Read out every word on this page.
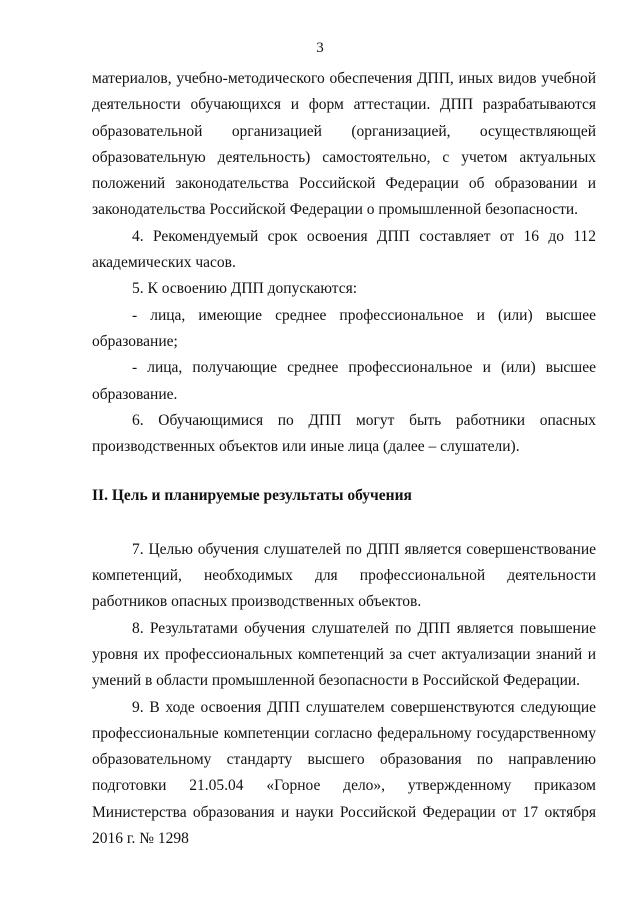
3

материалов, учебно-методического обеспечения ДПП, иных видов учебной деятельности обучающихся и форм аттестации. ДПП разрабатываются образовательной организацией (организацией, осуществляющей образовательную деятельность) самостоятельно, с учетом актуальных положений законодательства Российской Федерации об образовании и законодательства Российской Федерации о промышленной безопасности.

4. Рекомендуемый срок освоения ДПП составляет от 16 до 112 академических часов.

5. К освоению ДПП допускаются:

- лица, имеющие среднее профессиональное и (или) высшее образование;

- лица, получающие среднее профессиональное и (или) высшее образование.

6. Обучающимися по ДПП могут быть работники опасных производственных объектов или иные лица (далее – слушатели).

II. Цель и планируемые результаты обучения

7. Целью обучения слушателей по ДПП является совершенствование компетенций, необходимых для профессиональной деятельности работников опасных производственных объектов.

8. Результатами обучения слушателей по ДПП является повышение уровня их профессиональных компетенций за счет актуализации знаний и умений в области промышленной безопасности в Российской Федерации.

9. В ходе освоения ДПП слушателем совершенствуются следующие профессиональные компетенции согласно федеральному государственному образовательному стандарту высшего образования по направлению подготовки 21.05.04 «Горное дело», утвержденному приказом Министерства образования и науки Российской Федерации от 17 октября 2016 г. № 1298
